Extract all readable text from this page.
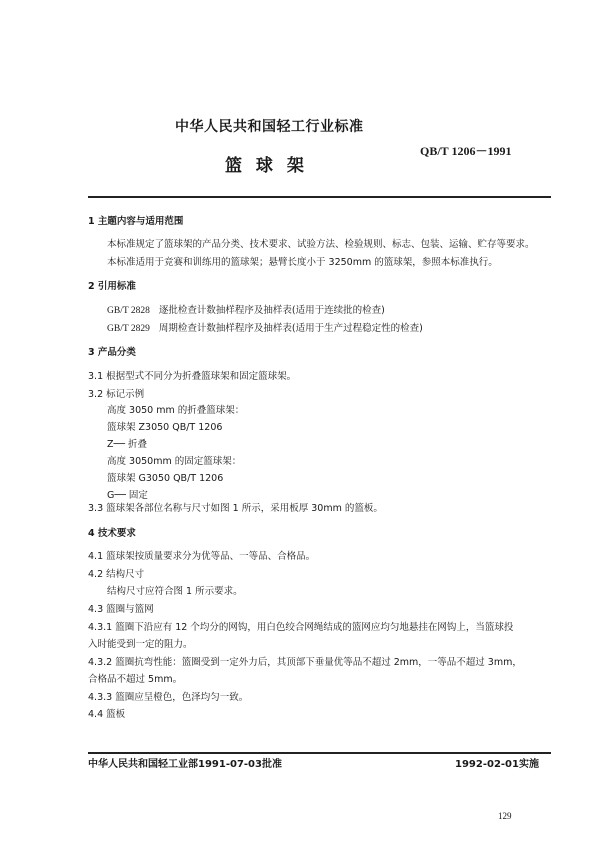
中华人民共和国轻工行业标准
QB/T 1206－1991
篮 球 架
1 主题内容与适用范围
本标准规定了篮球架的产品分类、技术要求、试验方法、检验规则、标志、包装、运输、贮存等要求。
本标准适用于竞赛和训练用的篮球架；悬臂长度小于 3250mm 的篮球架，参照本标准执行。
2 引用标准
GB/T 2828 逐批检查计数抽样程序及抽样表(适用于连续批的检查)
GB/T 2829 周期检查计数抽样程序及抽样表(适用于生产过程稳定性的检查)
3 产品分类
3.1 根据型式不同分为折叠篮球架和固定篮球架。
3.2 标记示例
高度 3050 mm 的折叠篮球架：
篮球架 Z3050 QB/T 1206
Z── 折叠
高度 3050mm 的固定篮球架：
篮球架 G3050 QB/T 1206
G── 固定
3.3 篮球架各部位名称与尺寸如图 1 所示，采用板厚 30mm 的篮板。
4 技术要求
4.1 篮球架按质量要求分为优等品、一等品、合格品。
4.2 结构尺寸
结构尺寸应符合图 1 所示要求。
4.3 篮圈与篮网
4.3.1 篮圈下沿应有 12 个均分的网钩，用白色绞合网绳结成的篮网应均匀地悬挂在网钩上，当篮球投
入时能受到一定的阻力。
4.3.2 篮圈抗弯性能：篮圈受到一定外力后，其顶部下垂量优等品不超过 2mm，一等品不超过 3mm，
合格品不超过 5mm。
4.3.3 篮圈应呈橙色，色泽均匀一致。
4.4 篮板
中华人民共和国轻工业部1991-07-03批准	1992-02-01实施
129
